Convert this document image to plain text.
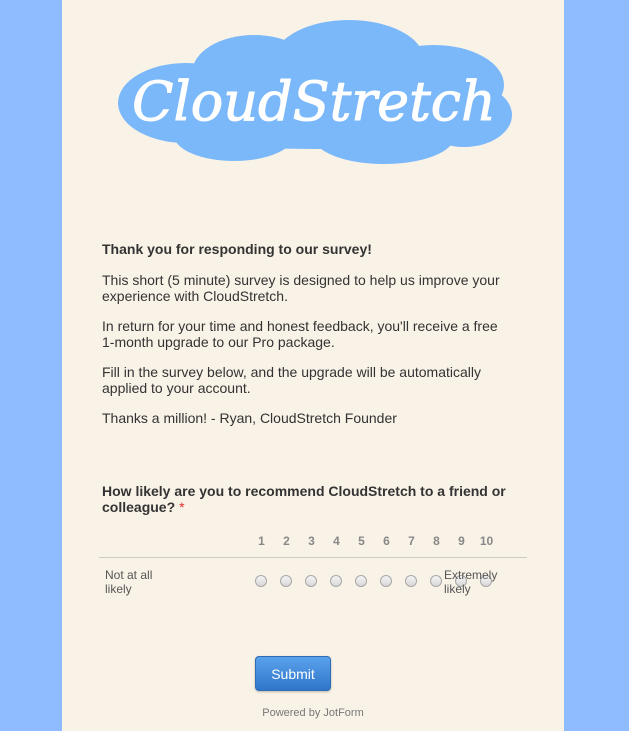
CloudStretch

Thank you for responding to our survey!

This short (5 minute) survey is designed to help us improve your experience with CloudStretch.

In return for your time and honest feedback, you'll receive a free 1-month upgrade to our Pro package.

Fill in the survey below, and the upgrade will be automatically applied to your account.

Thanks a million! - Ryan, CloudStretch Founder

How likely are you to recommend CloudStretch to a friend or colleague? *
1	2	3	4	5	6	7	8	9	10
Not at all likely
Extremely likely
Submit
Powered by JotForm
